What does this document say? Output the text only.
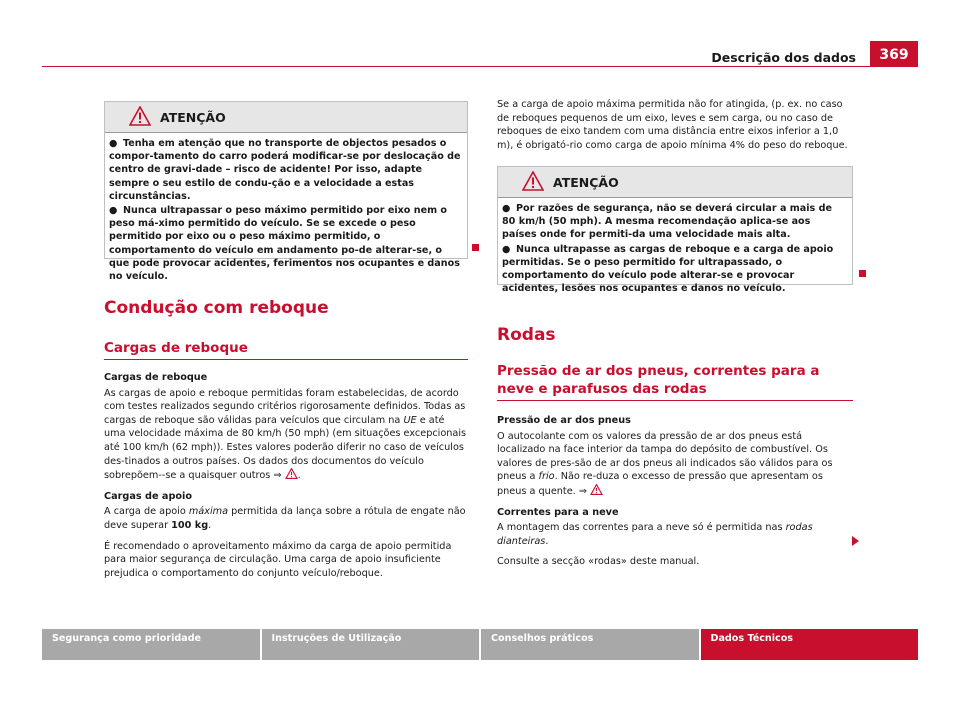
Descrição dos dados	369
ATENÇÃO

● Tenha em atenção que no transporte de objectos pesados o compor-tamento do carro poderá modificar-se por deslocação de centro de gravi-dade – risco de acidente! Por isso, adapte sempre o seu estilo de condu-ção e a velocidade a estas circunstâncias.

● Nunca ultrapassar o peso máximo permitido por eixo nem o peso má-ximo permitido do veículo. Se se excede o peso permitido por eixo ou o peso máximo permitido, o comportamento do veículo em andamento po-de alterar-se, o que pode provocar acidentes, ferimentos nos ocupantes e danos no veículo.

Condução com reboque
Cargas de reboque

Cargas de reboque

As cargas de apoio e reboque permitidas foram estabelecidas, de acordo com testes realizados segundo critérios rigorosamente definidos. Todas as cargas de reboque são válidas para veículos que circulam na UE e até uma velocidade máxima de 80 km/h (50 mph) (em situações excepcionais até 100 km/h (62 mph)). Estes valores poderão diferir no caso de veículos des-tinados a outros países. Os dados dos documentos do veículo sobrepõem--se a quaisquer outros ⇒ .

Cargas de apoio

A carga de apoio máxima permitida da lança sobre a rótula de engate não deve superar 100 kg.

É recomendado o aproveitamento máximo da carga de apoio permitida para maior segurança de circulação. Uma carga de apoio insuficiente prejudica o comportamento do conjunto veículo/reboque.

Se a carga de apoio máxima permitida não for atingida, (p. ex. no caso de reboques pequenos de um eixo, leves e sem carga, ou no caso de reboques de eixo tandem com uma distância entre eixos inferior a 1,0 m), é obrigató-rio como carga de apoio mínima 4% do peso do reboque.
ATENÇÃO

● Por razões de segurança, não se deverá circular a mais de 80 km/h (50 mph). A mesma recomendação aplica-se aos países onde for permiti-da uma velocidade mais alta.

● Nunca ultrapasse as cargas de reboque e a carga de apoio permitidas. Se o peso permitido for ultrapassado, o comportamento do veículo pode alterar-se e provocar acidentes, lesões nos ocupantes e danos no veículo.

Rodas
Pressão de ar dos pneus, correntes para a neve e parafusos das rodas

Pressão de ar dos pneus

O autocolante com os valores da pressão de ar dos pneus está localizado na face interior da tampa do depósito de combustível. Os valores de pres-são de ar dos pneus ali indicados são válidos para os pneus a frio. Não re-duza o excesso de pressão que apresentam os pneus a quente. ⇒

Correntes para a neve

A montagem das correntes para a neve só é permitida nas rodas dianteiras.

Consulte a secção «rodas» deste manual.

Segurança como prioridade	Instruções de Utilização	Conselhos práticos	Dados Técnicos
